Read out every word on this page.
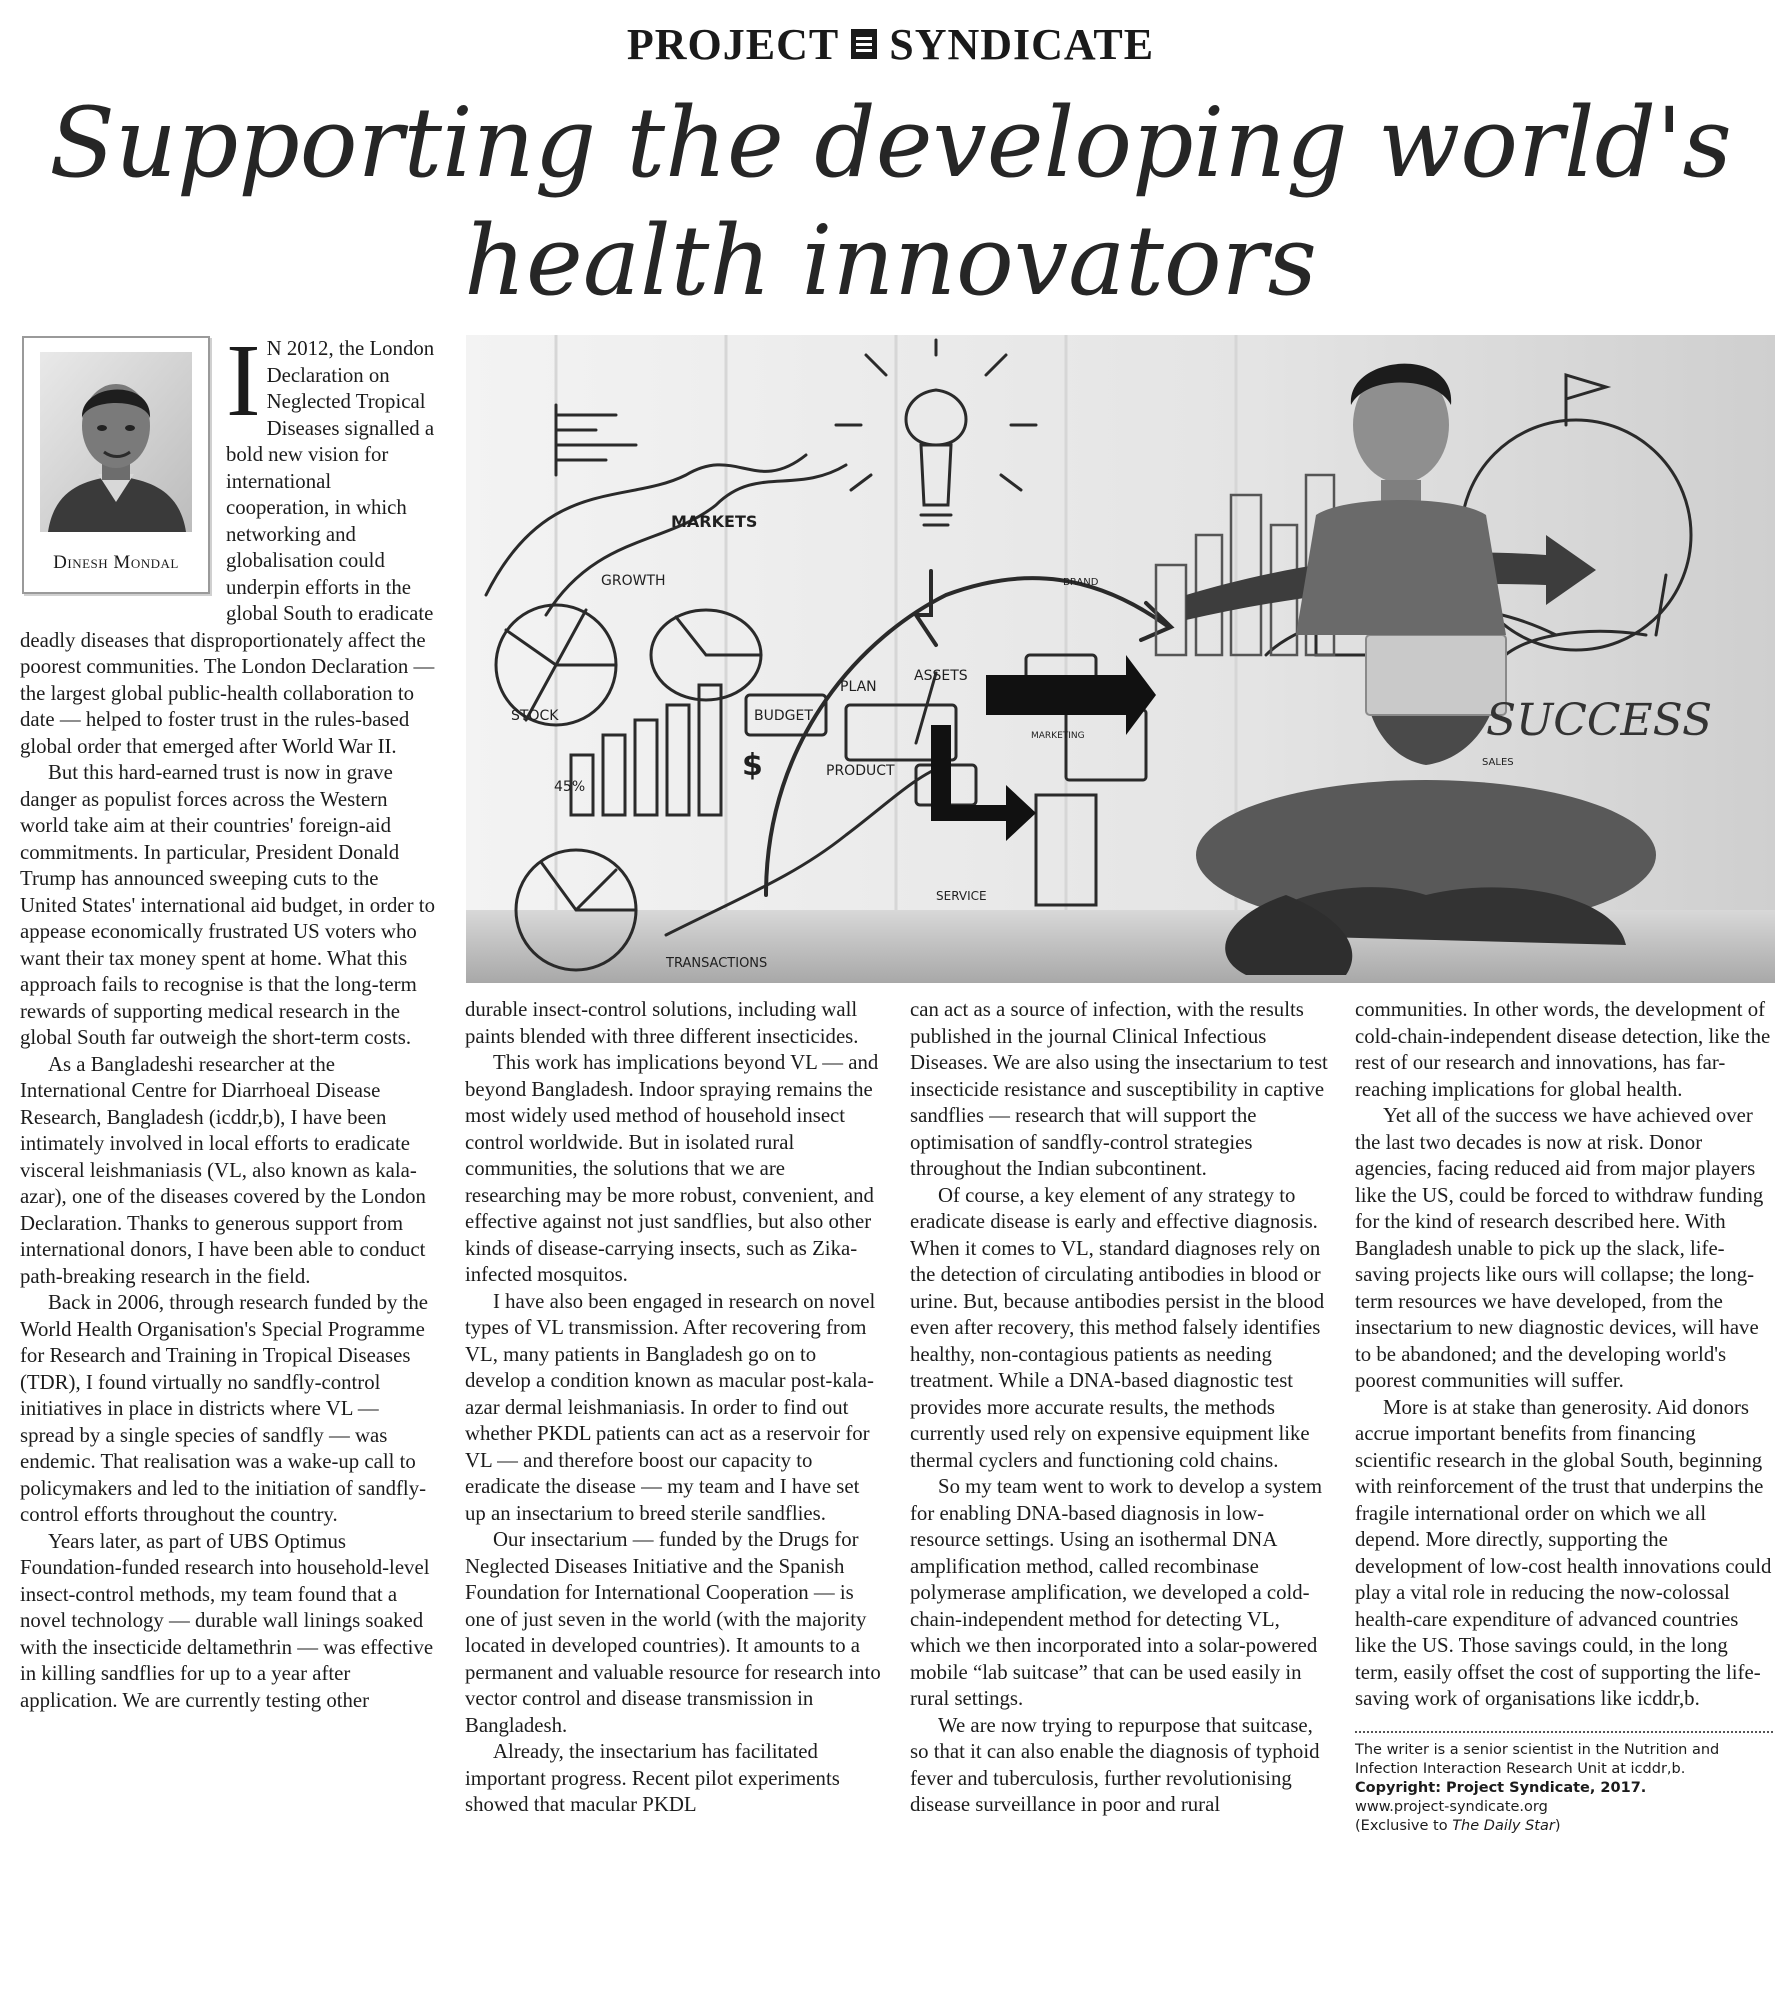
PROJECT SYNDICATE
Supporting the developing world's health innovators
Dinesh Mondal
MARKETS
GROWTH
STOCK
45%
BUDGET
PLAN
PRODUCT
ASSETS
MARKETING
SERVICE
TRANSACTIONS
SUCCESS
BRAND
SALES
$

I N 2012, the London Declaration on Neglected Tropical Diseases signalled a bold new vision for international cooperation, in which networking and globalisation could underpin efforts in the global South to eradicate deadly diseases that disproportionately affect the poorest communities. The London Declaration — the largest global public-health collaboration to date — helped to foster trust in the rules-based global order that emerged after World War II.

But this hard-earned trust is now in grave danger as populist forces across the Western world take aim at their countries' foreign-aid commitments. In particular, President Donald Trump has announced sweeping cuts to the United States' international aid budget, in order to appease economically frustrated US voters who want their tax money spent at home. What this approach fails to recognise is that the long-term rewards of supporting medical research in the global South far outweigh the short-term costs.

As a Bangladeshi researcher at the International Centre for Diarrhoeal Disease Research, Bangladesh (icddr,b), I have been intimately involved in local efforts to eradicate visceral leishmaniasis (VL, also known as kala-azar), one of the diseases covered by the London Declaration. Thanks to generous support from international donors, I have been able to conduct path-breaking research in the field.

Back in 2006, through research funded by the World Health Organisation's Special Programme for Research and Training in Tropical Diseases (TDR), I found virtually no sandfly-control initiatives in place in districts where VL — spread by a single species of sandfly — was endemic. That realisation was a wake-up call to policymakers and led to the initiation of sandfly-control efforts throughout the country.

Years later, as part of UBS Optimus Foundation-funded research into household-level insect-control methods, my team found that a novel technology — durable wall linings soaked with the insecticide deltamethrin — was effective in killing sandflies for up to a year after application. We are currently testing other

durable insect-control solutions, including wall paints blended with three different insecticides.

This work has implications beyond VL — and beyond Bangladesh. Indoor spraying remains the most widely used method of household insect control worldwide. But in isolated rural communities, the solutions that we are researching may be more robust, convenient, and effective against not just sandflies, but also other kinds of disease-carrying insects, such as Zika-infected mosquitos.

I have also been engaged in research on novel types of VL transmission. After recovering from VL, many patients in Bangladesh go on to develop a condition known as macular post-kala-azar dermal leishmaniasis. In order to find out whether PKDL patients can act as a reservoir for VL — and therefore boost our capacity to eradicate the disease — my team and I have set up an insectarium to breed sterile sandflies.

Our insectarium — funded by the Drugs for Neglected Diseases Initiative and the Spanish Foundation for International Cooperation — is one of just seven in the world (with the majority located in developed countries). It amounts to a permanent and valuable resource for research into vector control and disease transmission in Bangladesh.

Already, the insectarium has facilitated important progress. Recent pilot experiments showed that macular PKDL

can act as a source of infection, with the results published in the journal Clinical Infectious Diseases. We are also using the insectarium to test insecticide resistance and susceptibility in captive sandflies — research that will support the optimisation of sandfly-control strategies throughout the Indian subcontinent.

Of course, a key element of any strategy to eradicate disease is early and effective diagnosis. When it comes to VL, standard diagnoses rely on the detection of circulating antibodies in blood or urine. But, because antibodies persist in the blood even after recovery, this method falsely identifies healthy, non-contagious patients as needing treatment. While a DNA-based diagnostic test provides more accurate results, the methods currently used rely on expensive equipment like thermal cyclers and functioning cold chains.

So my team went to work to develop a system for enabling DNA-based diagnosis in low-resource settings. Using an isothermal DNA amplification method, called recombinase polymerase amplification, we developed a cold-chain-independent method for detecting VL, which we then incorporated into a solar-powered mobile “lab suitcase” that can be used easily in rural settings.

We are now trying to repurpose that suitcase, so that it can also enable the diagnosis of typhoid fever and tuberculosis, further revolutionising disease surveillance in poor and rural

communities. In other words, the development of cold-chain-independent disease detection, like the rest of our research and innovations, has far-reaching implications for global health.

Yet all of the success we have achieved over the last two decades is now at risk. Donor agencies, facing reduced aid from major players like the US, could be forced to withdraw funding for the kind of research described here. With Bangladesh unable to pick up the slack, life-saving projects like ours will collapse; the long-term resources we have developed, from the insectarium to new diagnostic devices, will have to be abandoned; and the developing world's poorest communities will suffer.

More is at stake than generosity. Aid donors accrue important benefits from financing scientific research in the global South, beginning with reinforcement of the trust that underpins the fragile international order on which we all depend. More directly, supporting the development of low-cost health innovations could play a vital role in reducing the now-colossal health-care expenditure of advanced countries like the US. Those savings could, in the long term, easily offset the cost of supporting the life-saving work of organisations like icddr,b.

The writer is a senior scientist in the Nutrition and Infection Interaction Research Unit at icddr,b.
Copyright: Project Syndicate, 2017.
www.project-syndicate.org
(Exclusive to The Daily Star)
